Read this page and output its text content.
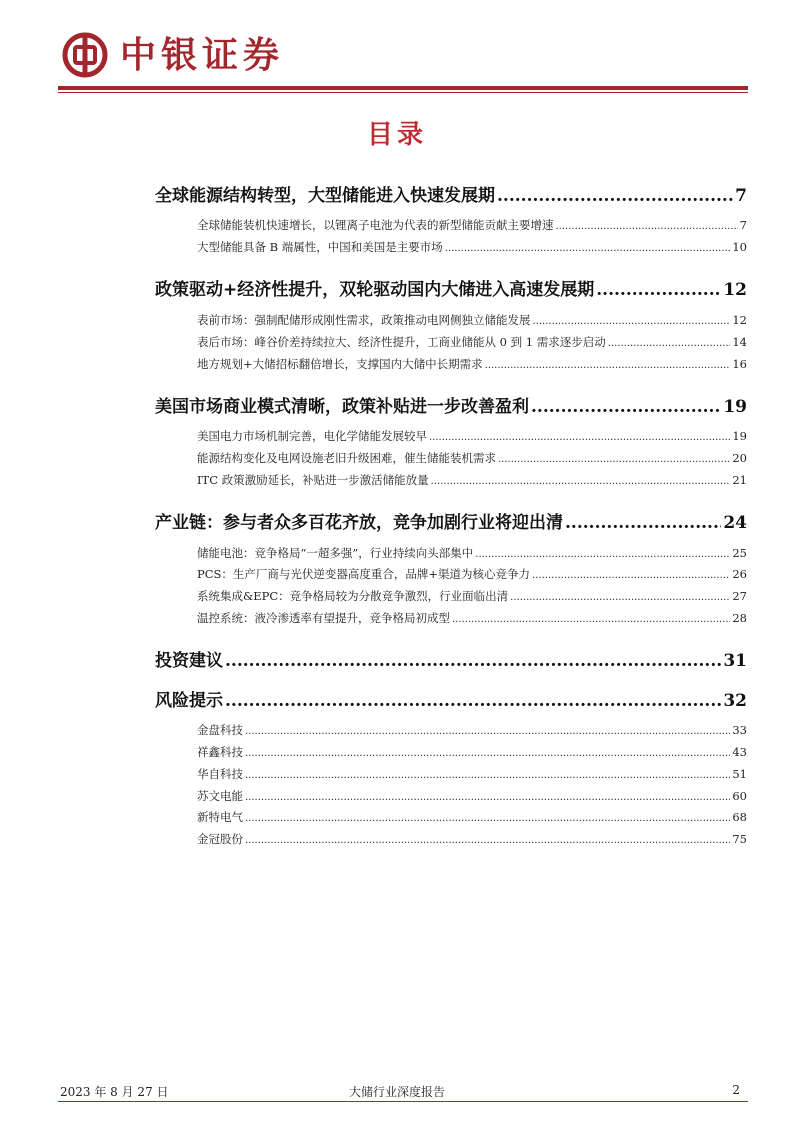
中银证券
目录
全球能源结构转型，大型储能进入快速发展期 .....	7
全球储能装机快速增长，以锂离子电池为代表的新型储能贡献主要增速 .....	7
大型储能具备 B 端属性，中国和美国是主要市场 .....	10
政策驱动+经济性提升，双轮驱动国内大储进入高速发展期 .....	12
表前市场：强制配储形成刚性需求，政策推动电网侧独立储能发展 .....	12
表后市场：峰谷价差持续拉大、经济性提升，工商业储能从 0 到 1 需求逐步启动 .....	14
地方规划+大储招标翻倍增长，支撑国内大储中长期需求 .....	16
美国市场商业模式清晰，政策补贴进一步改善盈利 .....	19
美国电力市场机制完善，电化学储能发展较早 .....	19
能源结构变化及电网设施老旧升级困难，催生储能装机需求 .....	20
ITC 政策激励延长，补贴进一步激活储能放量 .....	21
产业链：参与者众多百花齐放，竞争加剧行业将迎出清 .....	24
储能电池：竞争格局“一超多强”，行业持续向头部集中 .....	25
PCS：生产厂商与光伏逆变器高度重合，品牌+渠道为核心竞争力 .....	26
系统集成&EPC：竞争格局较为分散竞争激烈，行业面临出清 .....	27
温控系统：液冷渗透率有望提升，竞争格局初成型 .....	28
投资建议 .....	31
风险提示 .....	32
金盘科技 .....	33
祥鑫科技 .....	43
华自科技 .....	51
苏文电能 .....	60
新特电气 .....	68
金冠股份 .....	75
2023 年 8 月 27 日	大储行业深度报告	2
